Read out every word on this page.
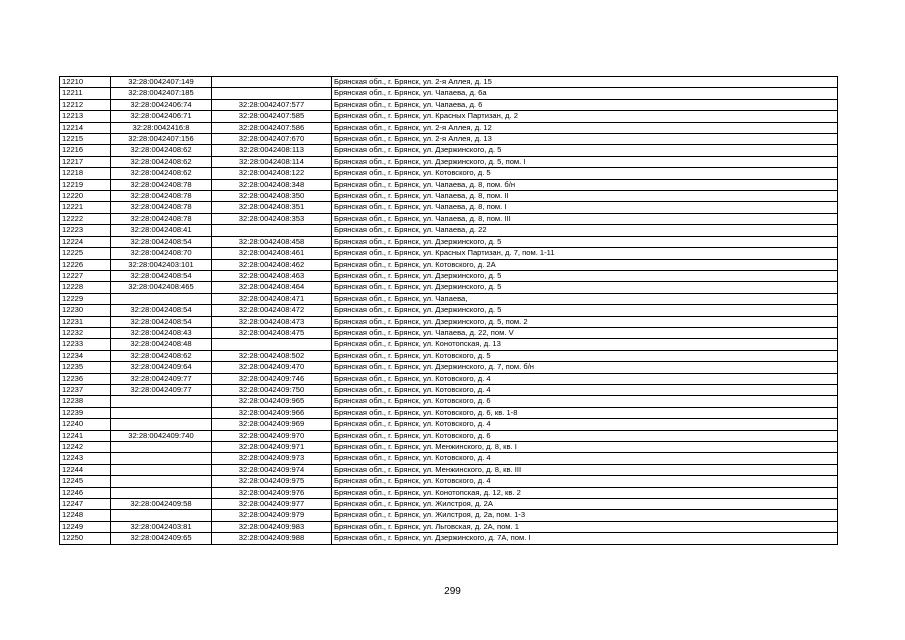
12210	32:28:0042407:149		Брянская обл., г. Брянск, ул. 2-я Аллея, д. 15
12211	32:28:0042407:185		Брянская обл., г. Брянск, ул. Чапаева, д. 6а
12212	32:28:0042406:74	32:28:0042407:577	Брянская обл., г. Брянск, ул. Чапаева, д. 6
12213	32:28:0042406:71	32:28:0042407:585	Брянская обл., г. Брянск, ул. Красных Партизан, д. 2
12214	32:28:0042416:8	32:28:0042407:586	Брянская обл., г. Брянск, ул. 2-я Аллея, д. 12
12215	32:28:0042407:156	32:28:0042407:670	Брянская обл., г. Брянск, ул. 2-я Аллея, д. 13
12216	32:28:0042408:62	32:28:0042408:113	Брянская обл., г. Брянск, ул. Дзержинского, д. 5
12217	32:28:0042408:62	32:28:0042408:114	Брянская обл., г. Брянск, ул. Дзержинского, д. 5, пом. I
12218	32:28:0042408:62	32:28:0042408:122	Брянская обл., г. Брянск, ул. Котовского, д. 5
12219	32:28:0042408:78	32:28:0042408:348	Брянская обл., г. Брянск, ул. Чапаева, д. 8, пом. б/н
12220	32:28:0042408:78	32:28:0042408:350	Брянская обл., г. Брянск, ул. Чапаева, д. 8, пом. II
12221	32:28:0042408:78	32:28:0042408:351	Брянская обл., г. Брянск, ул. Чапаева, д. 8, пом. I
12222	32:28:0042408:78	32:28:0042408:353	Брянская обл., г. Брянск, ул. Чапаева, д. 8, пом. III
12223	32:28:0042408:41		Брянская обл., г. Брянск, ул. Чапаева, д. 22
12224	32:28:0042408:54	32:28:0042408:458	Брянская обл., г. Брянск, ул. Дзержинского, д. 5
12225	32:28:0042408:70	32:28:0042408:461	Брянская обл., г. Брянск, ул. Красных Партизан, д. 7, пом. 1-11
12226	32:28:0042403:101	32:28:0042408:462	Брянская обл., г. Брянск, ул. Котовского, д. 2А
12227	32:28:0042408:54	32:28:0042408:463	Брянская обл., г. Брянск, ул. Дзержинского, д. 5
12228	32:28:0042408:465	32:28:0042408:464	Брянская обл., г. Брянск, ул. Дзержинского, д. 5
12229		32:28:0042408:471	Брянская обл., г. Брянск, ул. Чапаева,
12230	32:28:0042408:54	32:28:0042408:472	Брянская обл., г. Брянск, ул. Дзержинского, д. 5
12231	32:28:0042408:54	32:28:0042408:473	Брянская обл., г. Брянск, ул. Дзержинского, д. 5, пом. 2
12232	32:28:0042408:43	32:28:0042408:475	Брянская обл., г. Брянск, ул. Чапаева, д. 22, пом. V
12233	32:28:0042408:48		Брянская обл., г. Брянск, ул. Конотопская, д. 13
12234	32:28:0042408:62	32:28:0042408:502	Брянская обл., г. Брянск, ул. Котовского, д. 5
12235	32:28:0042409:64	32:28:0042409:470	Брянская обл., г. Брянск, ул. Дзержинского, д. 7, пом. б/н
12236	32:28:0042409:77	32:28:0042409:746	Брянская обл., г. Брянск, ул. Котовского, д. 4
12237	32:28:0042409:77	32:28:0042409:750	Брянская обл., г. Брянск, ул. Котовского, д. 4
12238		32:28:0042409:965	Брянская обл., г. Брянск, ул. Котовского, д. 6
12239		32:28:0042409:966	Брянская обл., г. Брянск, ул. Котовского, д. 6, кв. 1-8
12240		32:28:0042409:969	Брянская обл., г. Брянск, ул. Котовского, д. 4
12241	32:28:0042409:740	32:28:0042409:970	Брянская обл., г. Брянск, ул. Котовского, д. 6
12242		32:28:0042409:971	Брянская обл., г. Брянск, ул. Менжинского, д. 8, кв. I
12243		32:28:0042409:973	Брянская обл., г. Брянск, ул. Котовского, д. 4
12244		32:28:0042409:974	Брянская обл., г. Брянск, ул. Менжинского, д. 8, кв. III
12245		32:28:0042409:975	Брянская обл., г. Брянск, ул. Котовского, д. 4
12246		32:28:0042409:976	Брянская обл., г. Брянск, ул. Конотопская, д. 12, кв. 2
12247	32:28:0042409:58	32:28:0042409:977	Брянская обл., г. Брянск, ул. Жилстроя, д. 2А
12248		32:28:0042409:979	Брянская обл., г. Брянск, ул. Жилстроя, д. 2а, пом. 1-3
12249	32:28:0042403:81	32:28:0042409:983	Брянская обл., г. Брянск, ул. Льговская, д. 2А, пом. 1
12250	32:28:0042409:65	32:28:0042409:988	Брянская обл., г. Брянск, ул. Дзержинского, д. 7А, пом. I
299
